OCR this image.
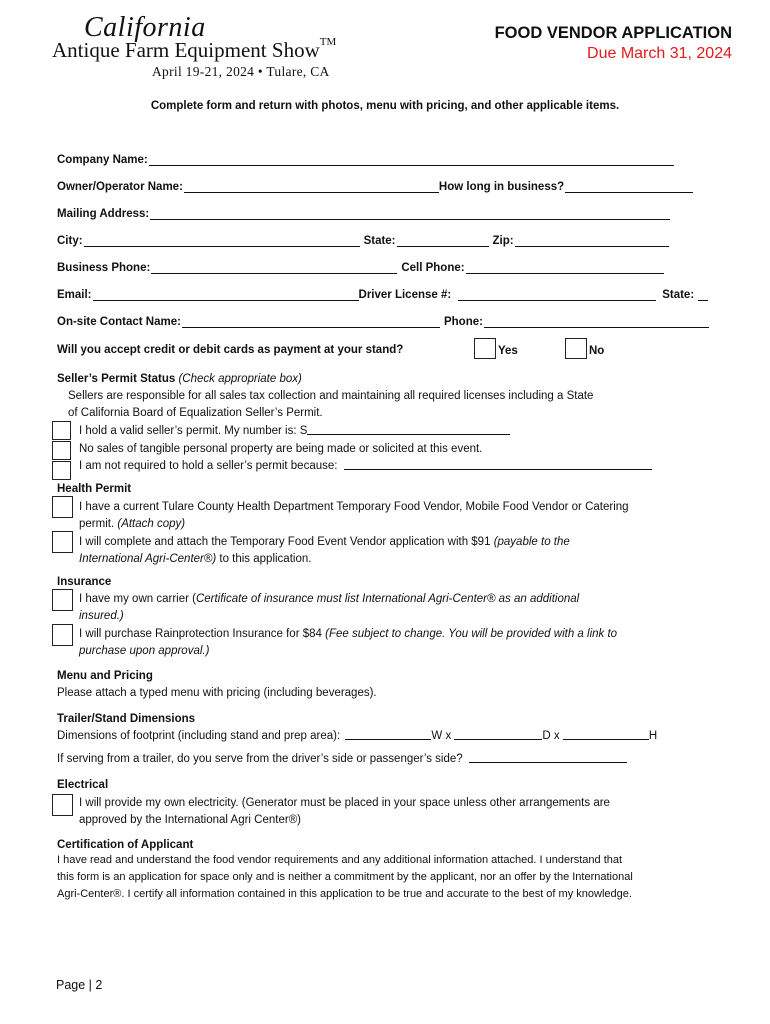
California
Antique Farm Equipment Show™
April 19-21, 2024 • Tulare, CA
FOOD VENDOR APPLICATION
Due March 31, 2024
Complete form and return with photos, menu with pricing, and other applicable items.
Company Name:
Owner/Operator Name:	How long in business?
Mailing Address:
City:	State:	Zip:
Business Phone:	Cell Phone:
Email:	Driver License #:	State:
On-site Contact Name:	Phone:
Will you accept credit or debit cards as payment at your stand?	Yes	No
Seller’s Permit Status (Check appropriate box)
Sellers are responsible for all sales tax collection and maintaining all required licenses including a State
of California Board of Equalization Seller’s Permit.
I hold a valid seller’s permit. My number is: S
No sales of tangible personal property are being made or solicited at this event.
I am not required to hold a seller’s permit because:
Health Permit
I have a current Tulare County Health Department Temporary Food Vendor, Mobile Food Vendor or Catering
permit. (Attach copy)
I will complete and attach the Temporary Food Event Vendor application with $91 (payable to the
International Agri-Center®) to this application.
Insurance
I have my own carrier (Certificate of insurance must list International Agri-Center® as an additional
insured.)
I will purchase Rainprotection Insurance for $84 (Fee subject to change. You will be provided with a link to
purchase upon approval.)
Menu and Pricing
Please attach a typed menu with pricing (including beverages).
Trailer/Stand Dimensions
Dimensions of footprint (including stand and prep area):	W x	D x	H
If serving from a trailer, do you serve from the driver’s side or passenger’s side?
Electrical
I will provide my own electricity. (Generator must be placed in your space unless other arrangements are
approved by the International Agri Center®)
Certification of Applicant
I have read and understand the food vendor requirements and any additional information attached. I understand that
this form is an application for space only and is neither a commitment by the applicant, nor an offer by the International
Agri-Center®. I certify all information contained in this application to be true and accurate to the best of my knowledge.
Page | 2
